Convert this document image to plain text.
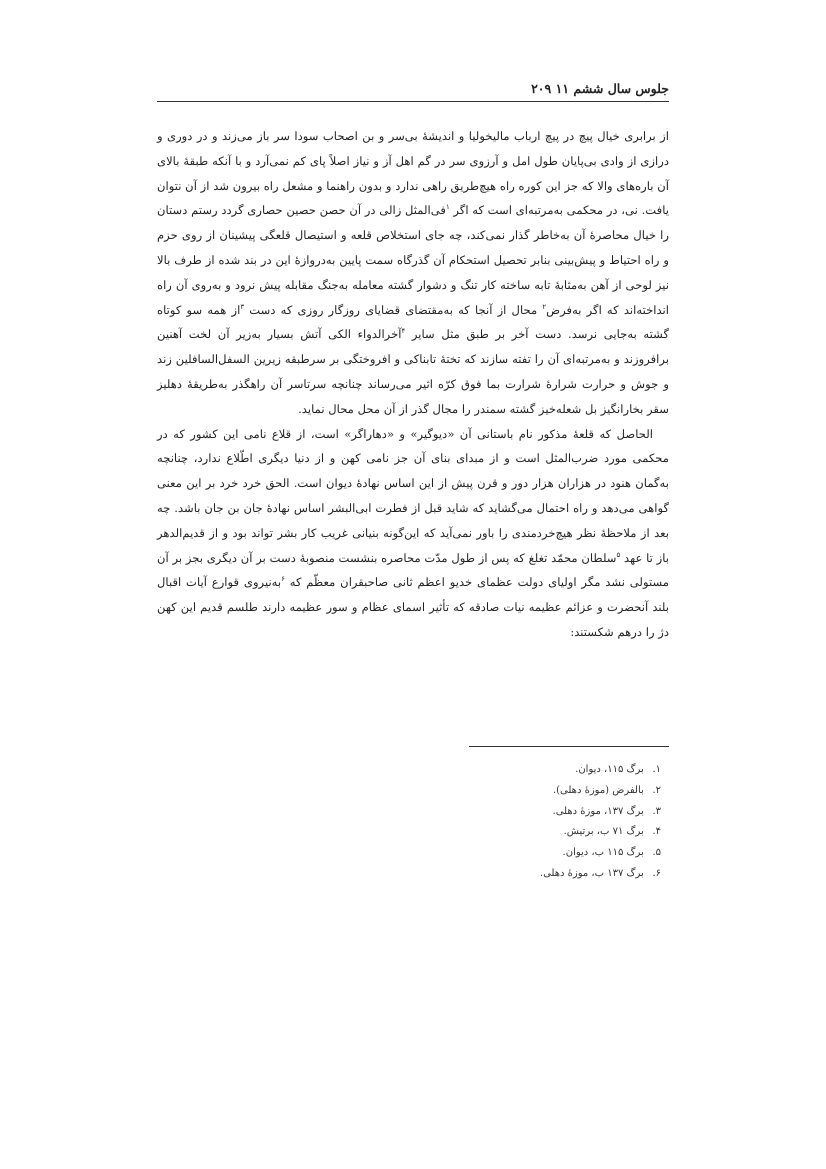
جلوس سال ششم ۱۱ ۲۰۹

از برابری خیال پیچ در پیچ ارباب مالیخولیا و اندیشهٔ بی‌سر و بن اصحاب سودا سر باز می‌زند و در دوری و درازی از وادی بی‌پایان طول امل و آرزوی سر در گم اهل آز و نیاز اصلاً پای کم نمی‌آرد و با آنکه طبقهٔ بالای آن باره‌های والا که جز این کوره راه هیچ‌طریق راهی ندارد و بدون راهنما و مشعل راه بیرون شد از آن نتوان یافت. نی، در محکمی به‌مرتبه‌ای است که اگر $^۱$فی‌المثل زالی در آن حصن حصین حصاری گردد رستم دستان را خیال محاصرهٔ آن به‌خاطر گذار نمی‌کند، چه جای استخلاص قلعه و استیصال قلعگی پیشینان از روی حزم و راه احتیاط و پیش‌بینی بنابر تحصیل استحکام آن گذرگاه سمت پایین به‌دروازهٔ این در بند شده از طرف بالا نیز لوحی از آهن به‌مثابهٔ تابه ساخته کار تنگ و دشوار گشته معامله به‌جنگ مقابله پیش نرود و به‌روی آن راه انداخته‌اند که اگر به‌فرض$^۲$ محال از آنجا که به‌مقتضای قضایای روزگار روزی که دست $^۳$از همه سو کوتاه گشته به‌جایی نرسد. دست آخر بر طبق مثل سایر $^۴$آخرالدواء الکی آتش بسیار به‌زیر آن لخت آهنین برافروزند و به‌مرتبه‌ای آن را تفته سازند که تختهٔ تابناکی و افروختگی بر سرطبقه زیرین السفل‌السافلین زند و جوش و حرارت شرارهٔ شرارت بما فوق کرّه اثیر می‌رساند چنانچه سرتاسر آن راهگذر به‌طریقهٔ دهلیز سقر بخارانگیز بل شعله‌خیز گشته سمندر را مجال گذر از آن محل محال نماید.

الحاصل که قلعهٔ مذکور نام باستانی آن «دیوگیر» و «دهاراگر» است، از قلاع نامی این کشور که در محکمی مورد ضرب‌المثل است و از مبدای بنای آن جز نامی کهن و از دنیا دیگری اطّلاع ندارد، چنانچه به‌گمان هنود در هزاران هزار دور و قرن پیش از این اساس نهادهٔ دیوان است. الحق خرد خرد بر این معنی گواهی می‌دهد و راه احتمال می‌گشاید که شاید قبل از فطرت ابی‌البشر اساس نهادهٔ جان بن جان باشد. چه بعد از ملاحظهٔ نظر هیچ‌خردمندی را باور نمی‌آید که این‌گونه بنیانی غریب کار بشر تواند بود و از قدیم‌الدهر باز تا عهد $^۵$سلطان محمّد تغلغ که پس از طول مدّت محاصره بنشست منصوبهٔ دست بر آن دیگری بجز بر آن مستولی نشد مگر اولیای دولت عظمای خدیو اعظم ثانی صاحبقران معظّم که $^۶$به‌نیروی قوارع آیات اقبال بلند آنحضرت و عزائم عظیمه نیات صادقه که تأثیر اسمای عظام و سور عظیمه دارند طلسم قدیم این کهن دژ را درهم شکستند:

۱. برگ ۱۱۵، دیوان.
۲. بالفرض (موزهٔ دهلی).
۳. برگ ۱۳۷، موزهٔ دهلی.
۴. برگ ۷۱ ب، برتیش.
۵. برگ ۱۱۵ ب، دیوان.
۶. برگ ۱۳۷ ب، موزهٔ دهلی.
